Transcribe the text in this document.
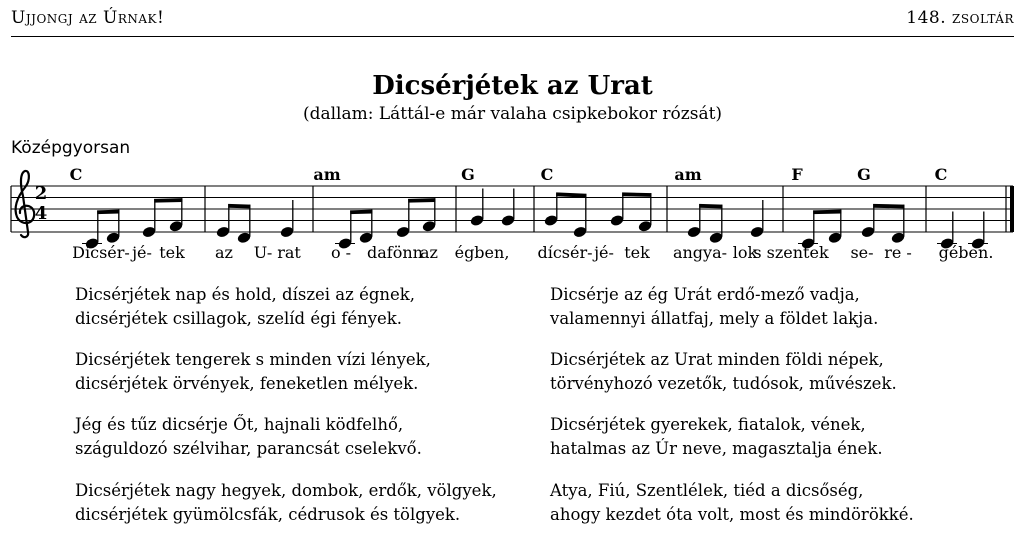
Ujjongj az Úrnak!	148. zsoltár
Dicsérjétek az Urat
(dallam: Láttál-e már valaha csipkebokor rózsát)
Középgyorsan
2
4
C	am	G	C	am	F	G	C
Dícsér- jé- tek az U- rat o - dafönn
az égben, dícsér- jé- tek angya- lok
s szentek se- re - gében.
Dicsérjétek nap és hold, díszei az égnek,
dicsérjétek csillagok, szelíd égi fények.
Dicsérje az ég Urát erdő-mező vadja,
valamennyi állatfaj, mely a földet lakja.
Dicsérjétek tengerek s minden vízi lények,
dicsérjétek örvények, feneketlen mélyek.
Dicsérjétek az Urat minden földi népek,
törvényhozó vezetők, tudósok, művészek.
Jég és tűz dicsérje Őt, hajnali ködfelhő,
száguldozó szélvihar, parancsát cselekvő.
Dicsérjétek gyerekek, fiatalok, vének,
hatalmas az Úr neve, magasztalja ének.
Dicsérjétek nagy hegyek, dombok, erdők, völgyek,
dicsérjétek gyümölcsfák, cédrusok és tölgyek.
Atya, Fiú, Szentlélek, tiéd a dicsőség,
ahogy kezdet óta volt, most és mindörökké.
